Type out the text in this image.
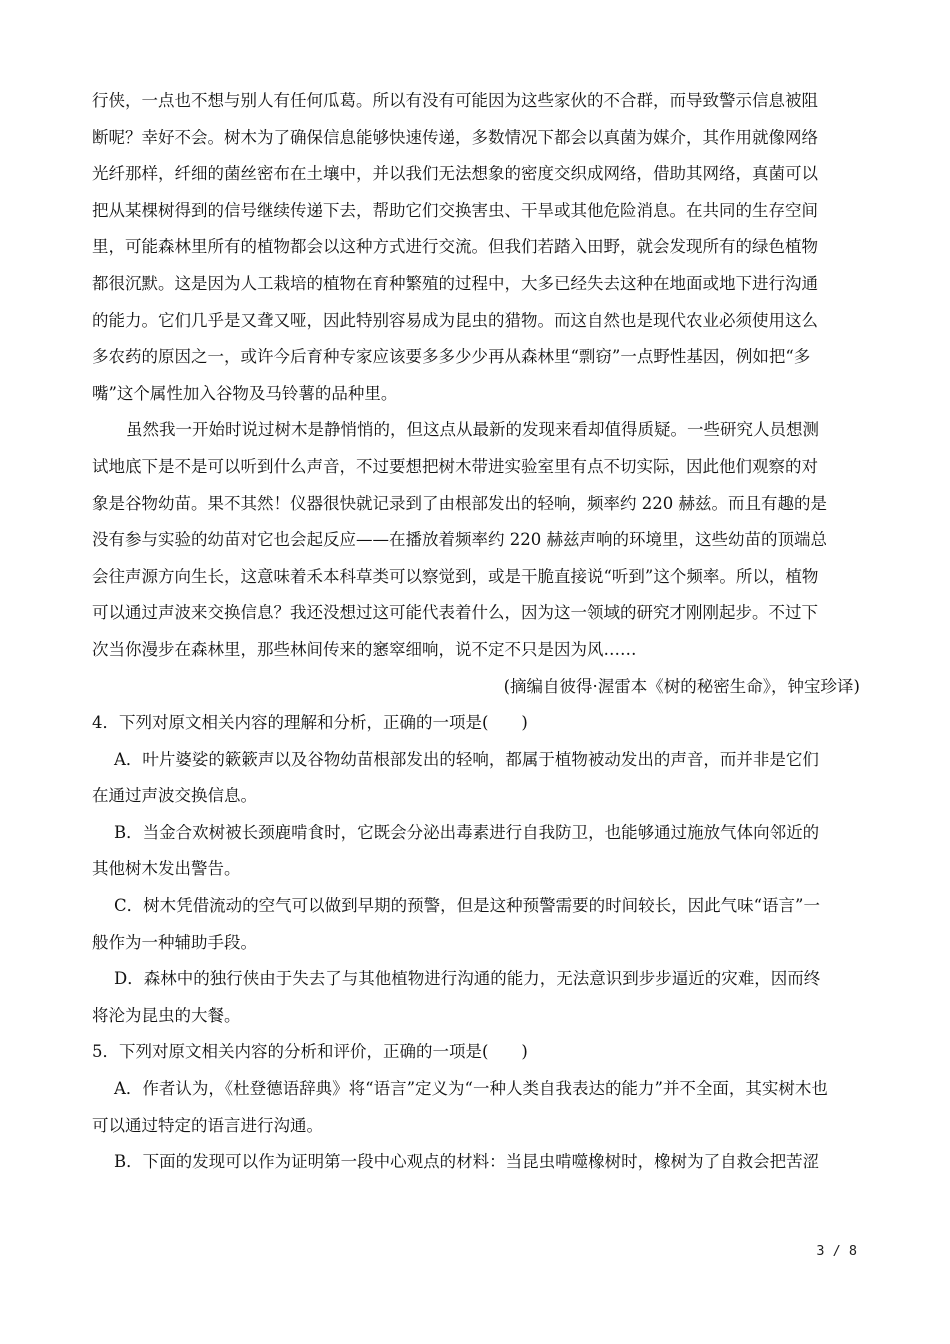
行侠，一点也不想与别人有任何瓜葛。所以有没有可能因为这些家伙的不合群，而导致警示信息被阻
断呢？幸好不会。树木为了确保信息能够快速传递，多数情况下都会以真菌为媒介，其作用就像网络
光纤那样，纤细的菌丝密布在土壤中，并以我们无法想象的密度交织成网络，借助其网络，真菌可以
把从某棵树得到的信号继续传递下去，帮助它们交换害虫、干旱或其他危险消息。在共同的生存空间
里，可能森林里所有的植物都会以这种方式进行交流。但我们若踏入田野，就会发现所有的绿色植物
都很沉默。这是因为人工栽培的植物在育种繁殖的过程中，大多已经失去这种在地面或地下进行沟通
的能力。它们几乎是又聋又哑，因此特别容易成为昆虫的猎物。而这自然也是现代农业必须使用这么
多农药的原因之一，或许今后育种专家应该要多多少少再从森林里“剽窃”一点野性基因，例如把“多
嘴”这个属性加入谷物及马铃薯的品种里。
虽然我一开始时说过树木是静悄悄的，但这点从最新的发现来看却值得质疑。一些研究人员想测
试地底下是不是可以听到什么声音，不过要想把树木带进实验室里有点不切实际，因此他们观察的对
象是谷物幼苗。果不其然！仪器很快就记录到了由根部发出的轻响，频率约 220 赫兹。而且有趣的是
没有参与实验的幼苗对它也会起反应——在播放着频率约 220 赫兹声响的环境里，这些幼苗的顶端总
会往声源方向生长，这意味着禾本科草类可以察觉到，或是干脆直接说“听到”这个频率。所以，植物
可以通过声波来交换信息？我还没想过这可能代表着什么，因为这一领域的研究才刚刚起步。不过下
次当你漫步在森林里，那些林间传来的窸窣细响，说不定不只是因为风……
(摘编自彼得·渥雷本《树的秘密生命》，钟宝珍译)
4．下列对原文相关内容的理解和分析，正确的一项是(　　)
A．叶片婆娑的簌簌声以及谷物幼苗根部发出的轻响，都属于植物被动发出的声音，而并非是它们
在通过声波交换信息。
B．当金合欢树被长颈鹿啃食时，它既会分泌出毒素进行自我防卫，也能够通过施放气体向邻近的
其他树木发出警告。
C．树木凭借流动的空气可以做到早期的预警，但是这种预警需要的时间较长，因此气味“语言”一
般作为一种辅助手段。
D．森林中的独行侠由于失去了与其他植物进行沟通的能力，无法意识到步步逼近的灾难，因而终
将沦为昆虫的大餐。
5．下列对原文相关内容的分析和评价，正确的一项是(　　)
A．作者认为，《杜登德语辞典》将“语言”定义为“一种人类自我表达的能力”并不全面，其实树木也
可以通过特定的语言进行沟通。
B．下面的发现可以作为证明第一段中心观点的材料：当昆虫啃噬橡树时，橡树为了自救会把苦涩
3 / 8
